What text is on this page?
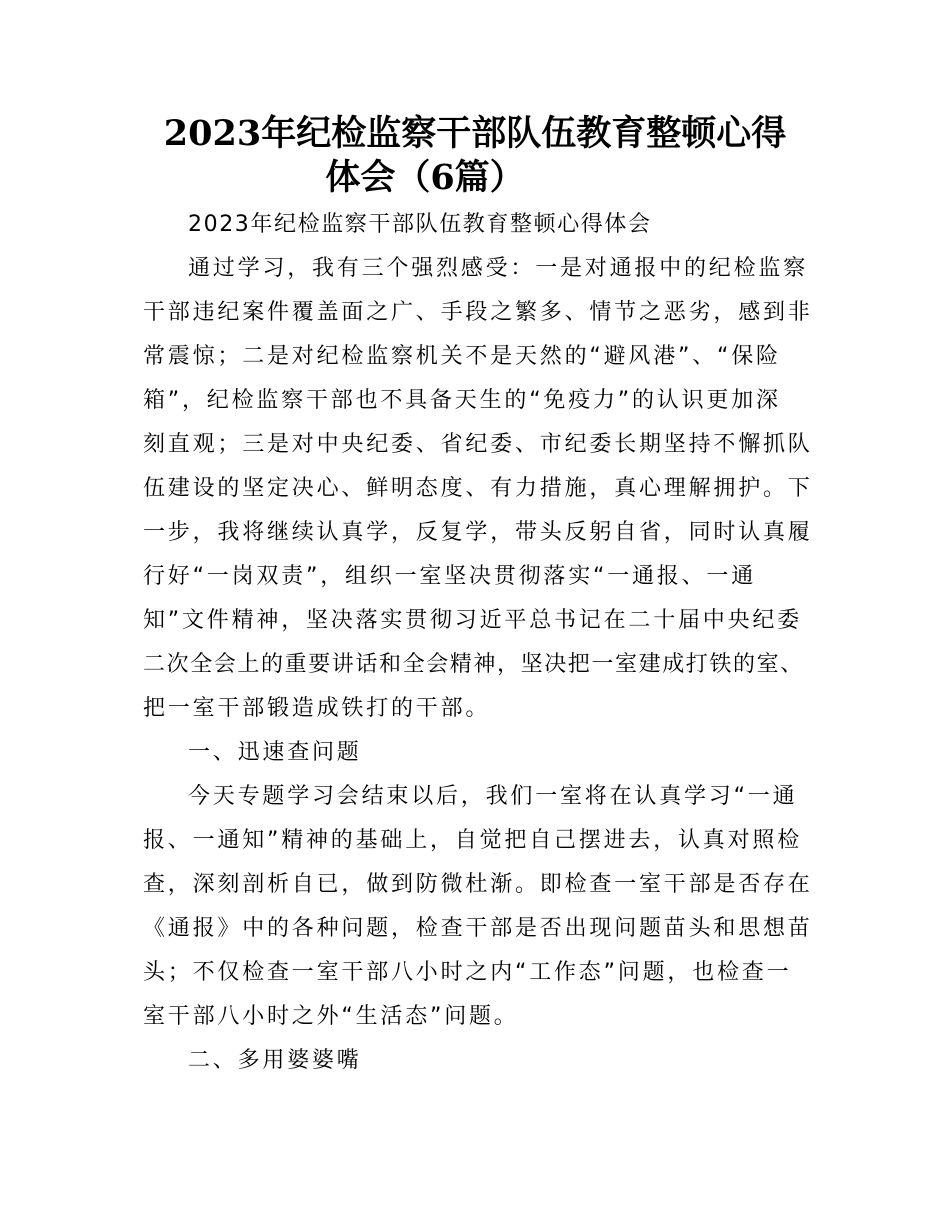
2023年纪检监察干部队伍教育整顿心得
体会（6篇）

2023年纪检监察干部队伍教育整顿心得体会

通过学习，我有三个强烈感受：一是对通报中的纪检监察

干部违纪案件覆盖面之广、手段之繁多、情节之恶劣，感到非

常震惊；二是对纪检监察机关不是天然的“避风港”、“保险

箱”，纪检监察干部也不具备天生的“免疫力”的认识更加深

刻直观；三是对中央纪委、省纪委、市纪委长期坚持不懈抓队

伍建设的坚定决心、鲜明态度、有力措施，真心理解拥护。下

一步，我将继续认真学，反复学，带头反躬自省，同时认真履

行好“一岗双责”，组织一室坚决贯彻落实“一通报、一通

知”文件精神，坚决落实贯彻习近平总书记在二十届中央纪委

二次全会上的重要讲话和全会精神，坚决把一室建成打铁的室、

把一室干部锻造成铁打的干部。

一、迅速查问题

今天专题学习会结束以后，我们一室将在认真学习“一通

报、一通知”精神的基础上，自觉把自己摆进去，认真对照检

查，深刻剖析自已，做到防微杜渐。即检查一室干部是否存在

《通报》中的各种问题，检查干部是否出现问题苗头和思想苗

头；不仅检查一室干部八小时之内“工作态”问题，也检查一

室干部八小时之外“生活态”问题。

二、多用婆婆嘴
